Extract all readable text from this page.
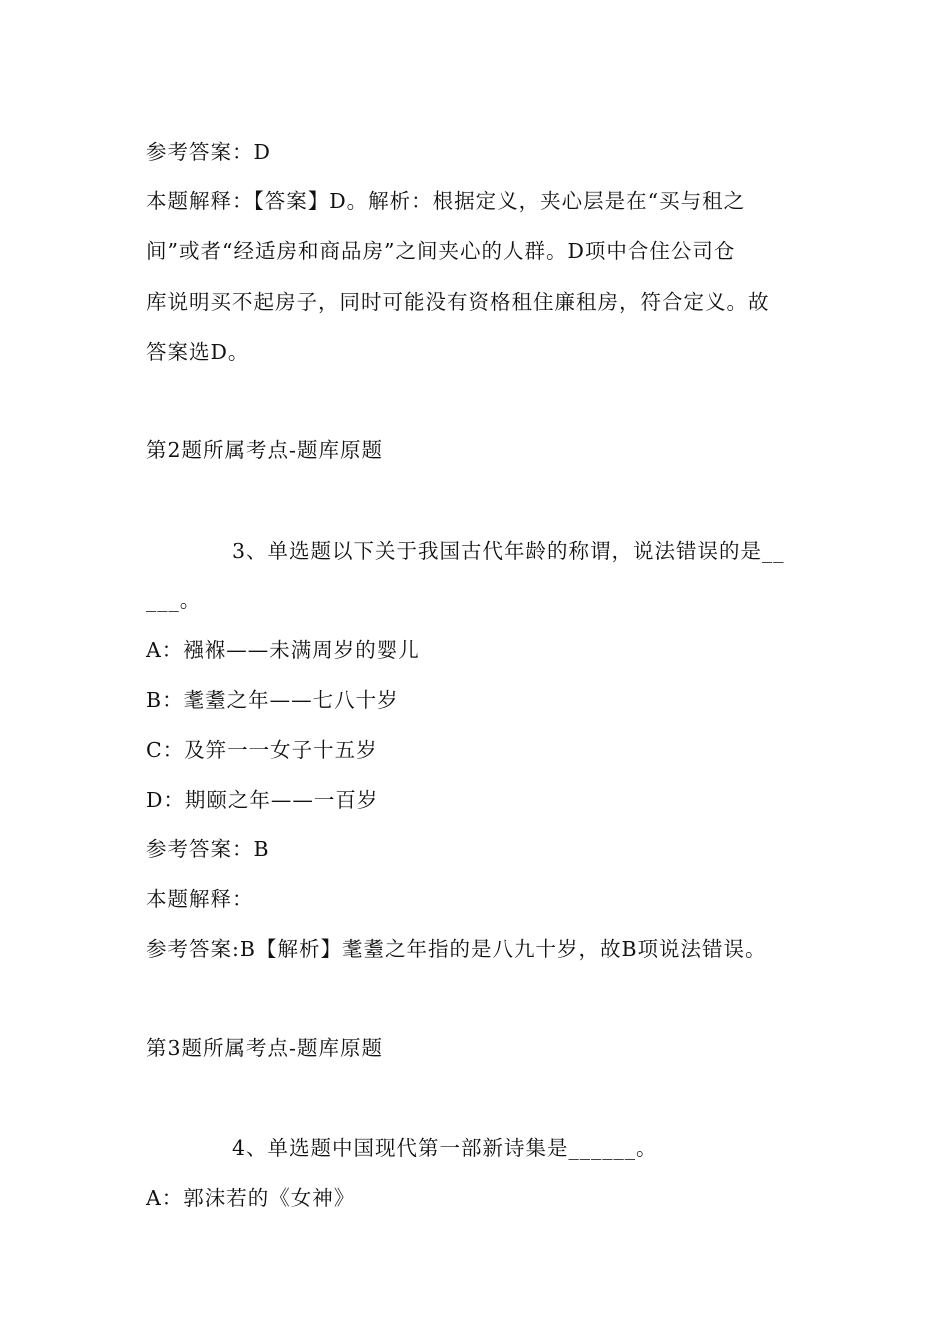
参考答案：D
本题解释：【答案】D。解析：根据定义，夹心层是在“买与租之
间”或者“经适房和商品房”之间夹心的人群。D项中合住公司仓
库说明买不起房子，同时可能没有资格租住廉租房，符合定义。故
答案选D。
第2题所属考点-题库原题
3、单选题以下关于我国古代年龄的称谓，说法错误的是__
___。
A：襁褓——未满周岁的婴儿
B：耄耋之年——七八十岁
C：及笄一一女子十五岁
D：期颐之年——一百岁
参考答案：B
本题解释：
参考答案:B【解析】耄耋之年指的是八九十岁，故B项说法错误。
第3题所属考点-题库原题
4、单选题中国现代第一部新诗集是______。
A：郭沫若的《女神》
